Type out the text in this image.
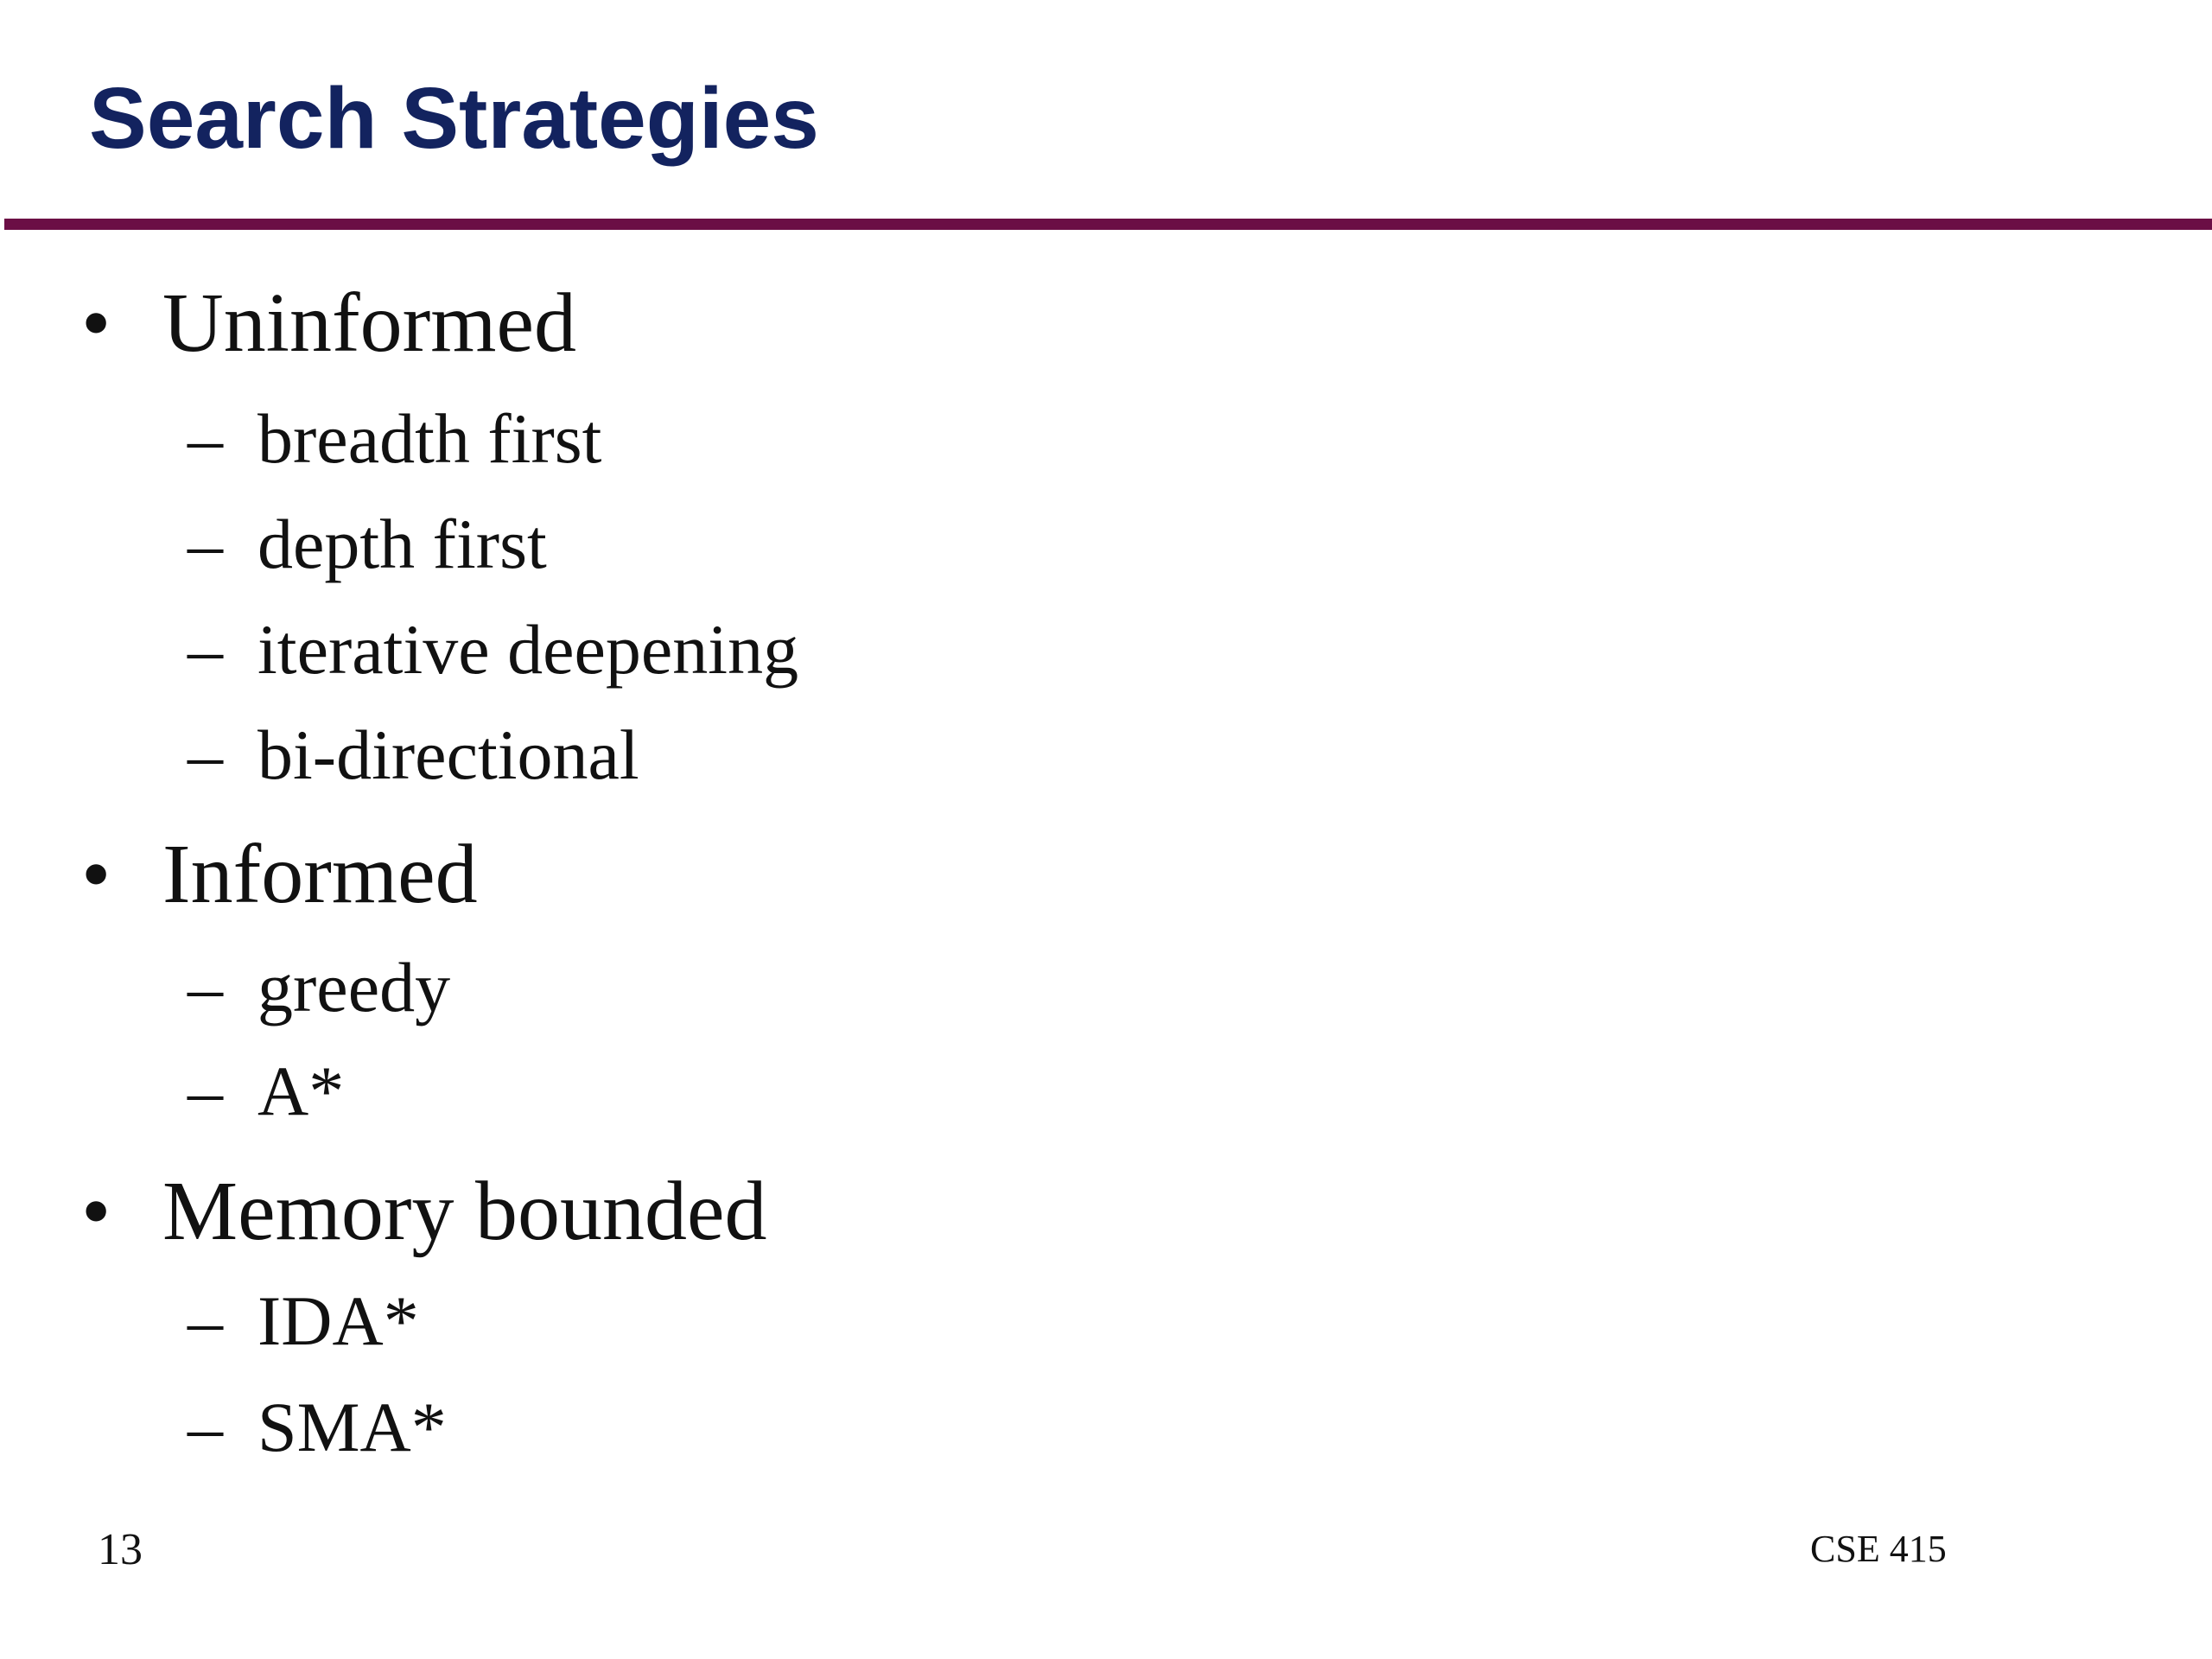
Search Strategies
• Uninformed
– breadth first
– depth first
– iterative deepening
– bi-directional
• Informed
– greedy
– A*
• Memory bounded
– IDA*
– SMA*
13	CSE 415
